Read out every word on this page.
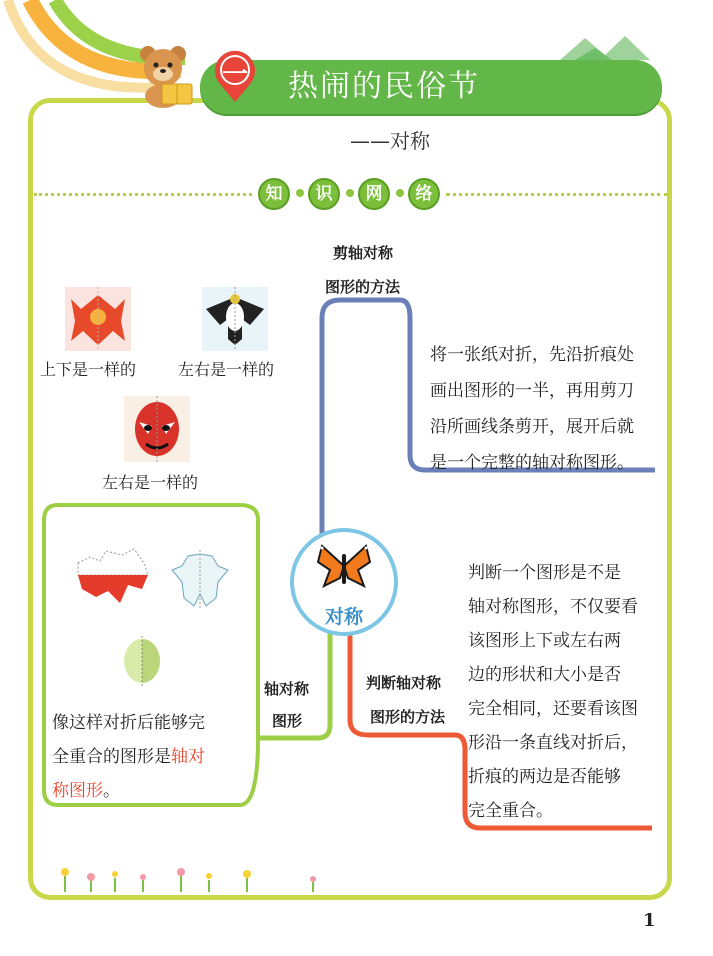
一	热闹的民俗节
——对称
知	识	网	络
剪轴对称
图形的方法
将一张纸对折，先沿折痕处
画出图形的一半，再用剪刀
沿所画线条剪开，展开后就
是一个完整的轴对称图形。
上下是一样的	左右是一样的
左右是一样的
像这样对折后能够完
全重合的图形是轴对
称图形。
轴对称
图形
对称
判断轴对称
图形的方法
判断一个图形是不是
轴对称图形，不仅要看
该图形上下或左右两
边的形状和大小是否
完全相同，还要看该图
形沿一条直线对折后，
折痕的两边是否能够
完全重合。
1
